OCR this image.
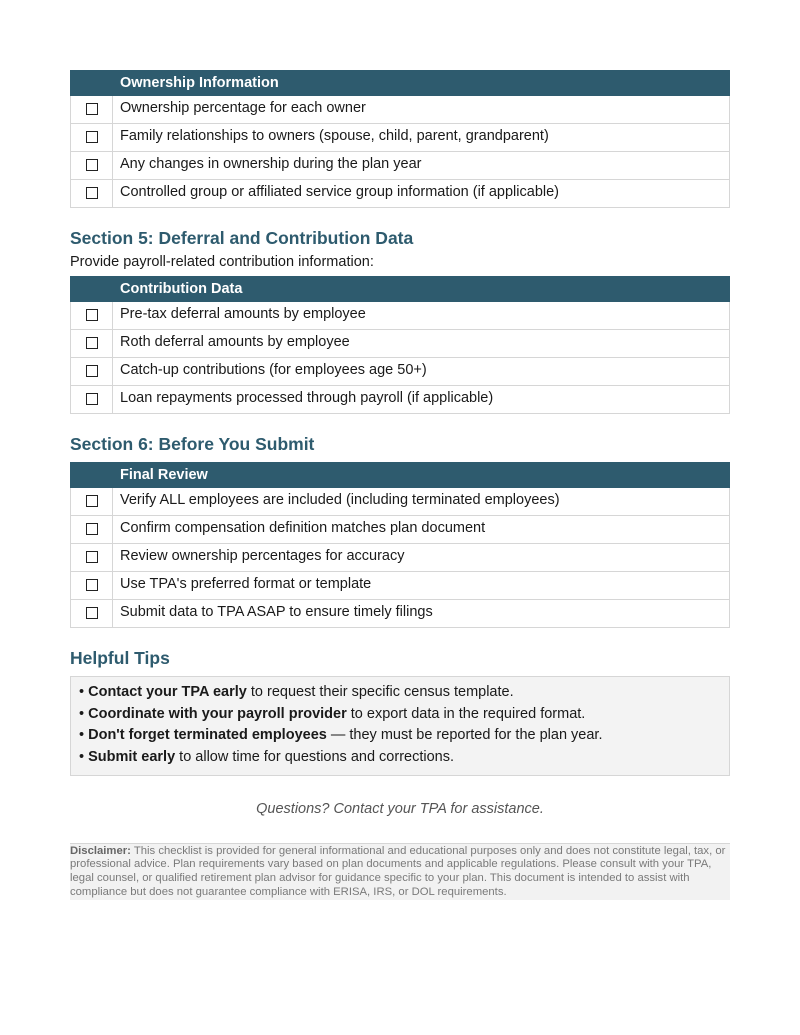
	Ownership Information
	Ownership percentage for each owner
	Family relationships to owners (spouse, child, parent, grandparent)
	Any changes in ownership during the plan year
	Controlled group or affiliated service group information (if applicable)
Section 5: Deferral and Contribution Data

Provide payroll-related contribution information:

	Contribution Data
	Pre-tax deferral amounts by employee
	Roth deferral amounts by employee
	Catch-up contributions (for employees age 50+)
	Loan repayments processed through payroll (if applicable)
Section 6: Before You Submit
	Final Review
	Verify ALL employees are included (including terminated employees)
	Confirm compensation definition matches plan document
	Review ownership percentages for accuracy
	Use TPA's preferred format or template
	Submit data to TPA ASAP to ensure timely filings
Helpful Tips
• Contact your TPA early to request their specific census template.
• Coordinate with your payroll provider to export data in the required format.
• Don't forget terminated employees — they must be reported for the plan year.
• Submit early to allow time for questions and corrections.
Questions? Contact your TPA for assistance.
Disclaimer: This checklist is provided for general informational and educational purposes only and does not constitute legal, tax, or professional advice. Plan requirements vary based on plan documents and applicable regulations. Please consult with your TPA, legal counsel, or qualified retirement plan advisor for guidance specific to your plan. This document is intended to assist with compliance but does not guarantee compliance with ERISA, IRS, or DOL requirements.
